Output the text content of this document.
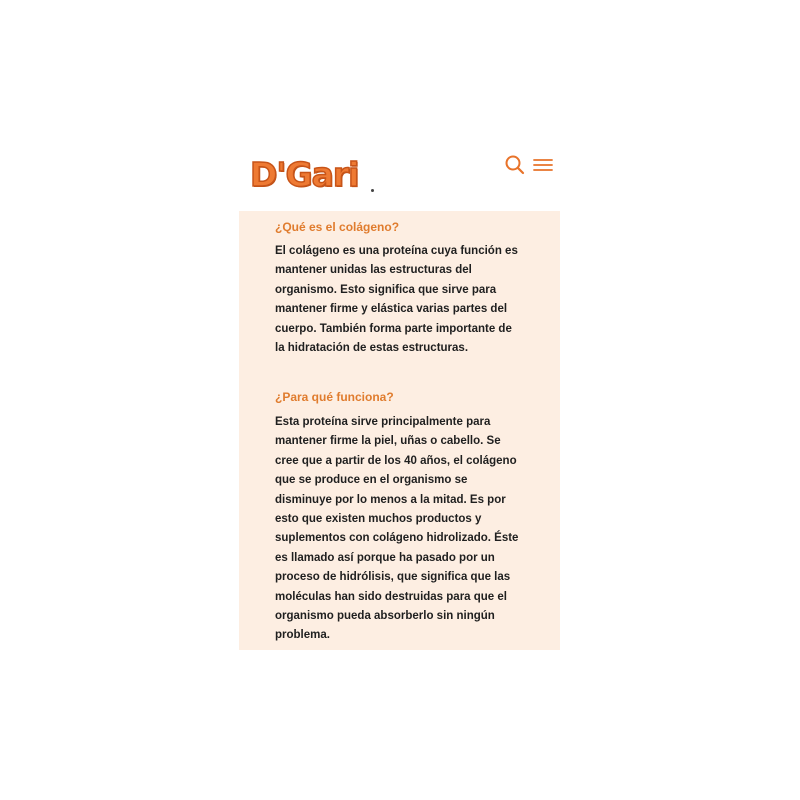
D'Gari
¿Qué es el colágeno?

El colágeno es una proteína cuya función es
mantener unidas las estructuras del
organismo. Esto significa que sirve para
mantener firme y elástica varias partes del
cuerpo. También forma parte importante de
la hidratación de estas estructuras.

¿Para qué funciona?

Esta proteína sirve principalmente para
mantener firme la piel, uñas o cabello. Se
cree que a partir de los 40 años, el colágeno
que se produce en el organismo se
disminuye por lo menos a la mitad. Es por
esto que existen muchos productos y
suplementos con colágeno hidrolizado. Éste
es llamado así porque ha pasado por un
proceso de hidrólisis, que significa que las
moléculas han sido destruidas para que el
organismo pueda absorberlo sin ningún
problema.
